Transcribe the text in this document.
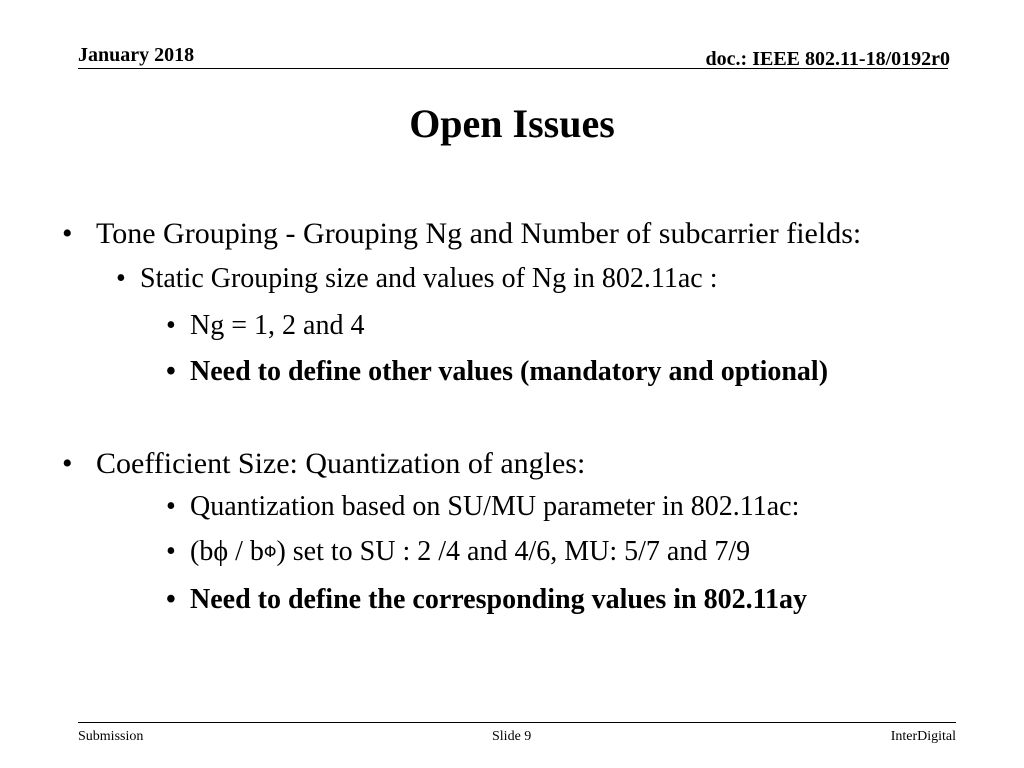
January 2018	doc.: IEEE 802.11-18/0192r0
Open Issues
• Tone Grouping - Grouping Ng and Number of subcarrier fields:
• Static Grouping size and values of Ng in 802.11ac :
• Ng = 1, 2 and 4
• Need to define other values (mandatory and optional)
• Coefficient Size: Quantization of angles:
• Quantization based on SU/MU parameter in 802.11ac:
• (bϕ / bΦ) set to SU : 2 /4 and 4/6, MU: 5/7 and 7/9
• Need to define the corresponding values in 802.11ay
Submission	Slide 9	InterDigital
